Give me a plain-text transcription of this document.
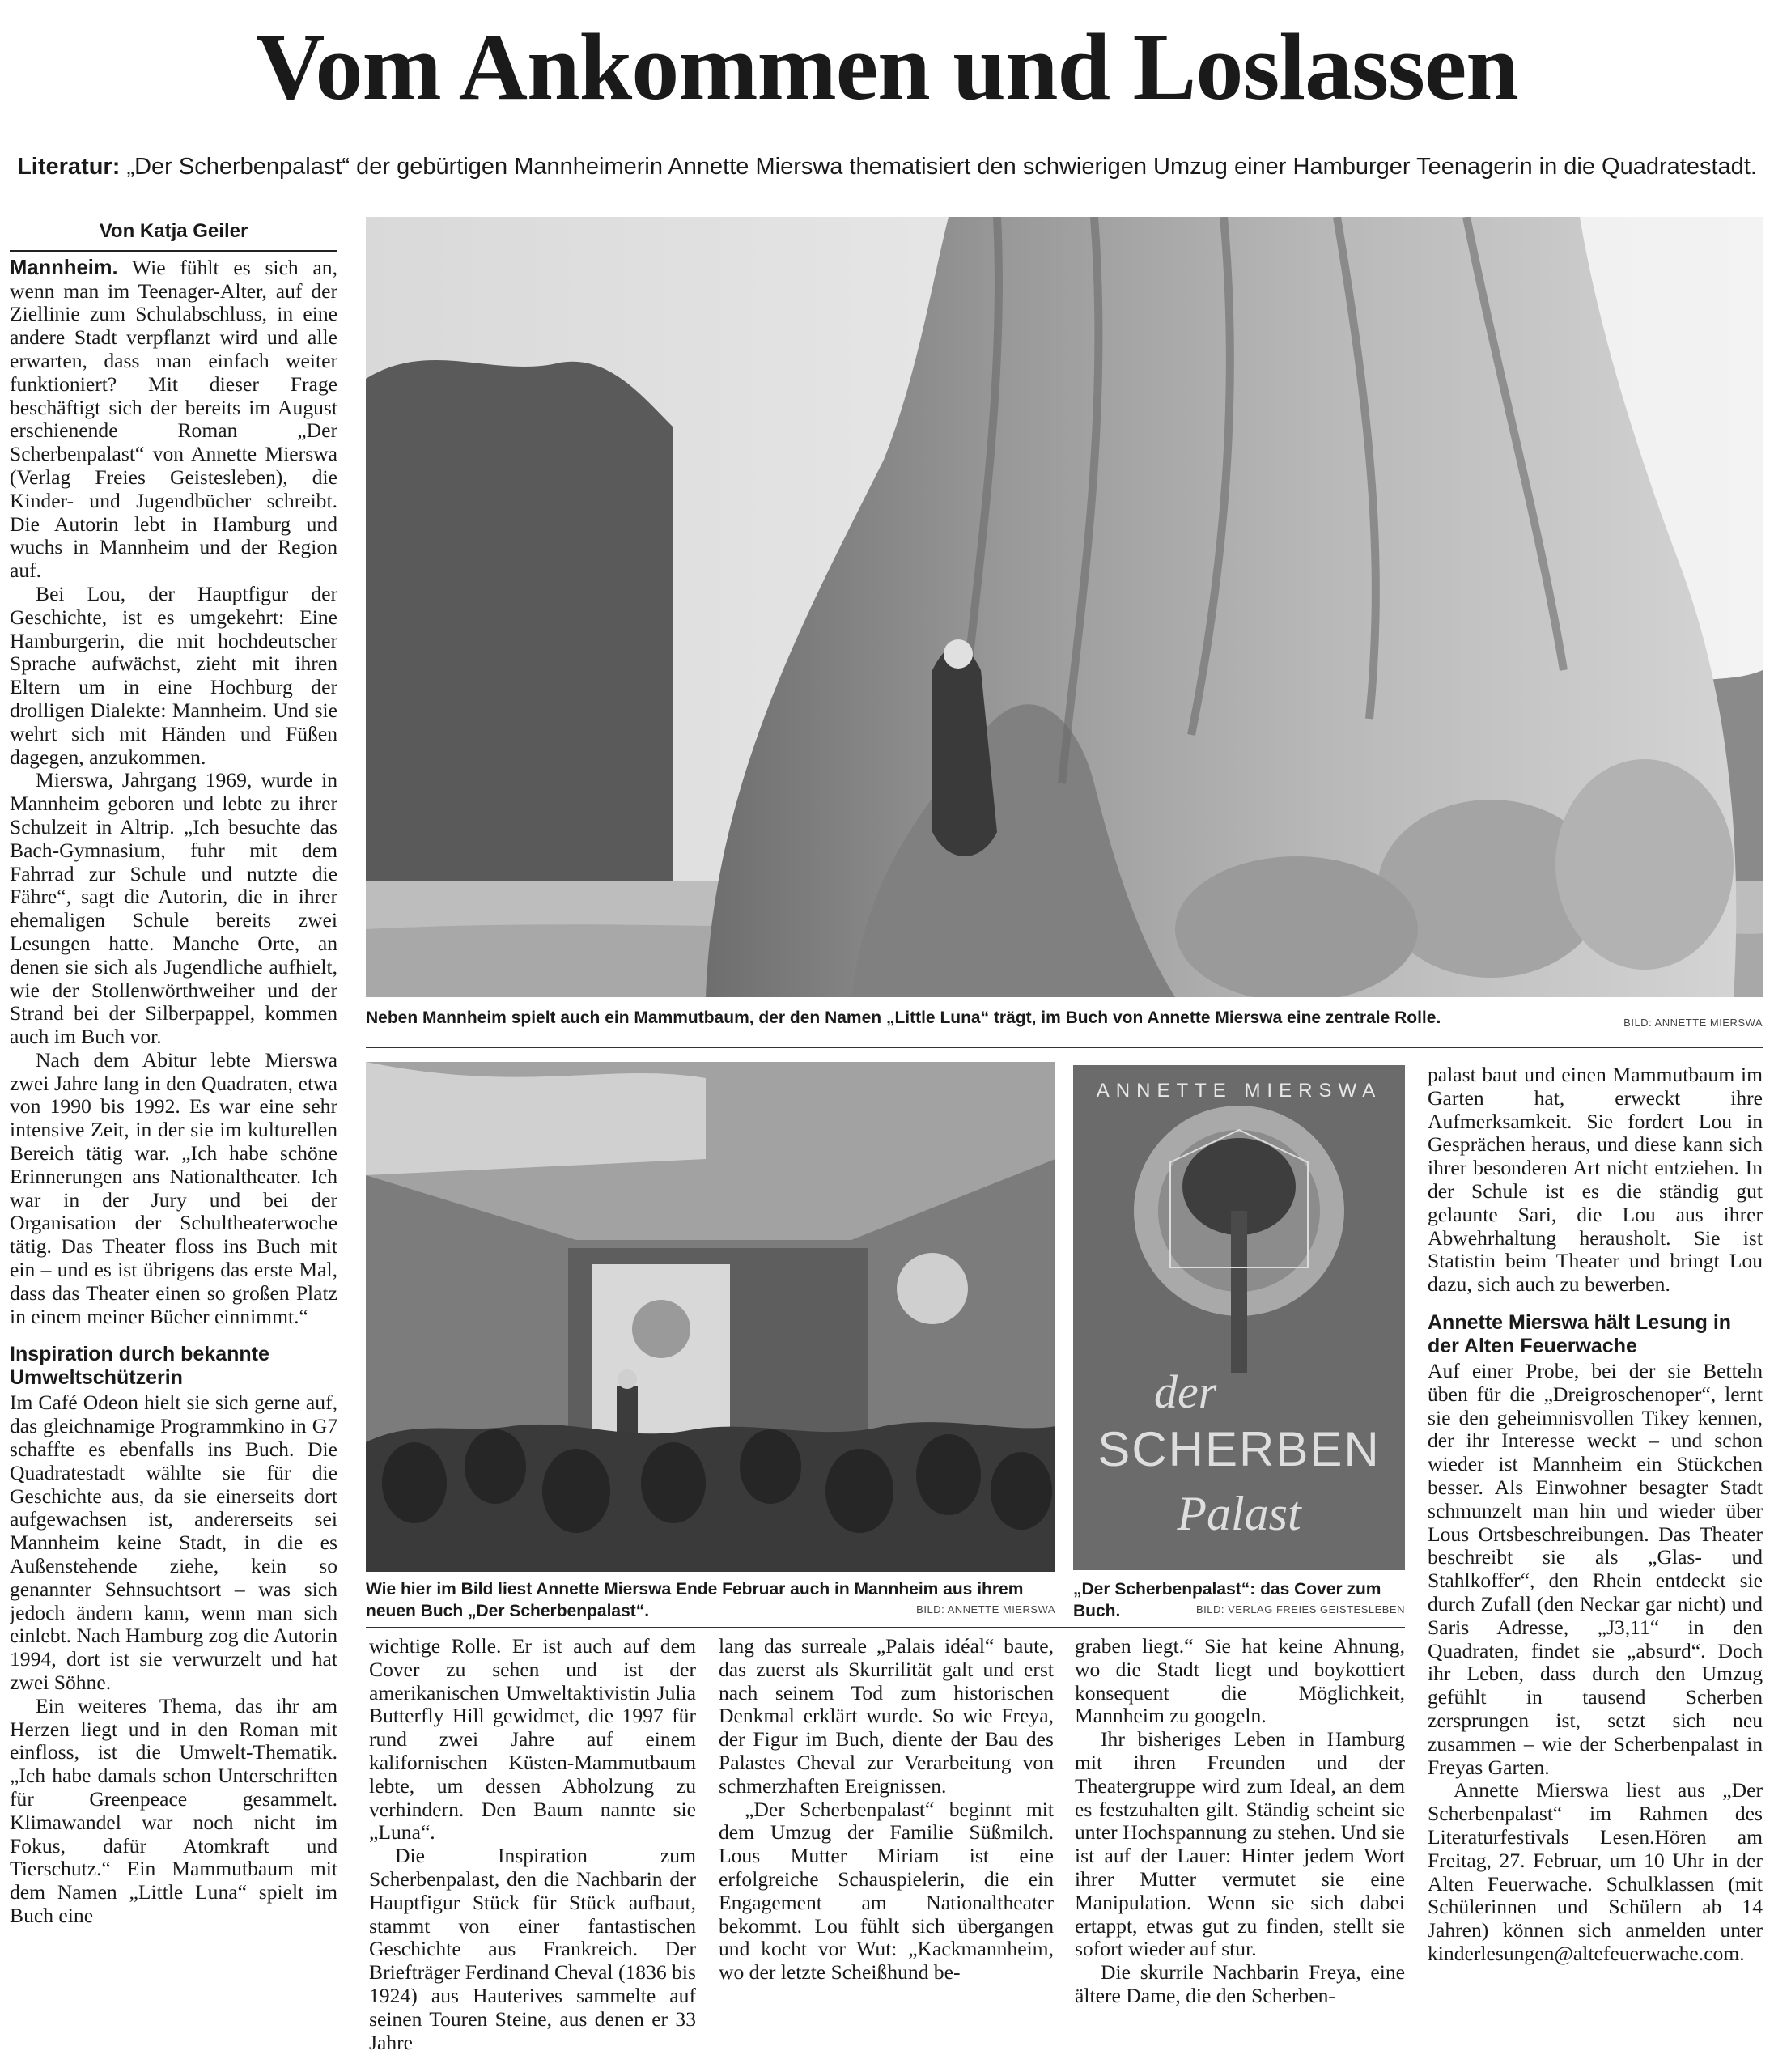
Vom Ankommen und Loslassen
Literatur: „Der Scherbenpalast“ der gebürtigen Mannheimerin Annette Mierswa thematisiert den schwierigen Umzug einer Hamburger Teenagerin in die Quadratestadt.
Von Katja Geiler

Mannheim. Wie fühlt es sich an, wenn man im Teenager-Alter, auf der Ziellinie zum Schulabschluss, in eine andere Stadt verpflanzt wird und alle erwarten, dass man einfach weiter funktioniert? Mit dieser Frage beschäftigt sich der bereits im August erschienende Roman „Der Scherbenpalast“ von Annette Mierswa (Verlag Freies Geistesleben), die Kinder- und Jugendbücher schreibt. Die Autorin lebt in Hamburg und wuchs in Mannheim und der Region auf.

Bei Lou, der Hauptfigur der Geschichte, ist es umgekehrt: Eine Hamburgerin, die mit hochdeutscher Sprache aufwächst, zieht mit ihren Eltern um in eine Hochburg der drolligen Dialekte: Mannheim. Und sie wehrt sich mit Händen und Füßen dagegen, anzukommen.

Mierswa, Jahrgang 1969, wurde in Mannheim geboren und lebte zu ihrer Schulzeit in Altrip. „Ich besuchte das Bach-Gymnasium, fuhr mit dem Fahrrad zur Schule und nutzte die Fähre“, sagt die Autorin, die in ihrer ehemaligen Schule bereits zwei Lesungen hatte. Manche Orte, an denen sie sich als Jugendliche aufhielt, wie der Stollenwörthweiher und der Strand bei der Silberpappel, kommen auch im Buch vor.

Nach dem Abitur lebte Mierswa zwei Jahre lang in den Quadraten, etwa von 1990 bis 1992. Es war eine sehr intensive Zeit, in der sie im kulturellen Bereich tätig war. „Ich habe schöne Erinnerungen ans Nationaltheater. Ich war in der Jury und bei der Organisation der Schultheaterwoche tätig. Das Theater floss ins Buch mit ein – und es ist übrigens das erste Mal, dass das Theater einen so großen Platz in einem meiner Bücher einnimmt.“

Inspiration durch bekannte Umweltschützerin

Im Café Odeon hielt sie sich gerne auf, das gleichnamige Programmkino in G7 schaffte es ebenfalls ins Buch. Die Quadratestadt wählte sie für die Geschichte aus, da sie einerseits dort aufgewachsen ist, andererseits sei Mannheim keine Stadt, in die es Außenstehende ziehe, kein so genannter Sehnsuchtsort – was sich jedoch ändern kann, wenn man sich einlebt. Nach Hamburg zog die Autorin 1994, dort ist sie verwurzelt und hat zwei Söhne.

Ein weiteres Thema, das ihr am Herzen liegt und in den Roman mit einfloss, ist die Umwelt-Thematik. „Ich habe damals schon Unterschriften für Greenpeace gesammelt. Klimawandel war noch nicht im Fokus, dafür Atomkraft und Tierschutz.“ Ein Mammutbaum mit dem Namen „Little Luna“ spielt im Buch eine

Neben Mannheim spielt auch ein Mammutbaum, der den Namen „Little Luna“ trägt, im Buch von Annette Mierswa eine zentrale Rolle.	BILD: ANNETTE MIERSWA
Wie hier im Bild liest Annette Mierswa Ende Februar auch in Mannheim aus ihrem neuen Buch „Der Scherbenpalast“.	BILD: ANNETTE MIERSWA
ANNETTE MIERSWA
der
SCHERBEN
Palast
„Der Scherbenpalast“: das Cover zum Buch.	BILD: VERLAG FREIES GEISTESLEBEN

wichtige Rolle. Er ist auch auf dem Cover zu sehen und ist der amerikanischen Umweltaktivistin Julia Butterfly Hill gewidmet, die 1997 für rund zwei Jahre auf einem kalifornischen Küsten-Mammutbaum lebte, um dessen Abholzung zu verhindern. Den Baum nannte sie „Luna“.

Die Inspiration zum Scherbenpalast, den die Nachbarin der Hauptfigur Stück für Stück aufbaut, stammt von einer fantastischen Geschichte aus Frankreich. Der Briefträger Ferdinand Cheval (1836 bis 1924) aus Hauterives sammelte auf seinen Touren Steine, aus denen er 33 Jahre

lang das surreale „Palais idéal“ baute, das zuerst als Skurrilität galt und erst nach seinem Tod zum historischen Denkmal erklärt wurde. So wie Freya, der Figur im Buch, diente der Bau des Palastes Cheval zur Verarbeitung von schmerzhaften Ereignissen.

„Der Scherbenpalast“ beginnt mit dem Umzug der Familie Süßmilch. Lous Mutter Miriam ist eine erfolgreiche Schauspielerin, die ein Engagement am Nationaltheater bekommt. Lou fühlt sich übergangen und kocht vor Wut: „Kackmannheim, wo der letzte Scheißhund be-

graben liegt.“ Sie hat keine Ahnung, wo die Stadt liegt und boykottiert konsequent die Möglichkeit, Mannheim zu googeln.

Ihr bisheriges Leben in Hamburg mit ihren Freunden und der Theatergruppe wird zum Ideal, an dem es festzuhalten gilt. Ständig scheint sie unter Hochspannung zu stehen. Und sie ist auf der Lauer: Hinter jedem Wort ihrer Mutter vermutet sie eine Manipulation. Wenn sie sich dabei ertappt, etwas gut zu finden, stellt sie sofort wieder auf stur.

Die skurrile Nachbarin Freya, eine ältere Dame, die den Scherben-

palast baut und einen Mammutbaum im Garten hat, erweckt ihre Aufmerksamkeit. Sie fordert Lou in Gesprächen heraus, und diese kann sich ihrer besonderen Art nicht entziehen. In der Schule ist es die ständig gut gelaunte Sari, die Lou aus ihrer Abwehrhaltung herausholt. Sie ist Statistin beim Theater und bringt Lou dazu, sich auch zu bewerben.

Annette Mierswa hält Lesung in der Alten Feuerwache

Auf einer Probe, bei der sie Betteln üben für die „Dreigroschenoper“, lernt sie den geheimnisvollen Tikey kennen, der ihr Interesse weckt – und schon wieder ist Mannheim ein Stückchen besser. Als Einwohner besagter Stadt schmunzelt man hin und wieder über Lous Ortsbeschreibungen. Das Theater beschreibt sie als „Glas- und Stahlkoffer“, den Rhein entdeckt sie durch Zufall (den Neckar gar nicht) und Saris Adresse, „J3,11“ in den Quadraten, findet sie „absurd“. Doch ihr Leben, dass durch den Umzug gefühlt in tausend Scherben zersprungen ist, setzt sich neu zusammen – wie der Scherbenpalast in Freyas Garten.

Annette Mierswa liest aus „Der Scherbenpalast“ im Rahmen des Literaturfestivals Lesen.Hören am Freitag, 27. Februar, um 10 Uhr in der Alten Feuerwache. Schulklassen (mit Schülerinnen und Schülern ab 14 Jahren) können sich anmelden unter kinderlesungen@altefeuerwache.com.
